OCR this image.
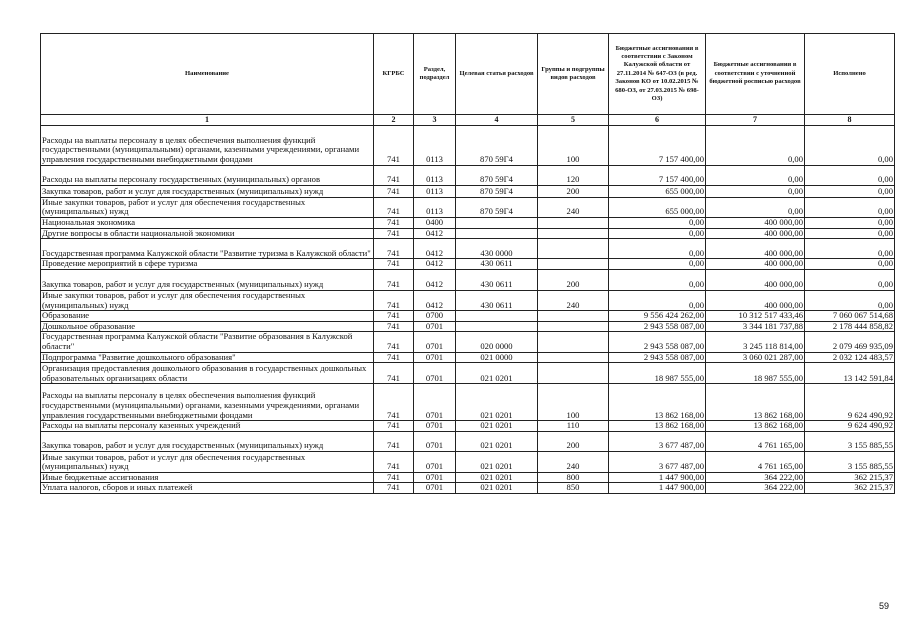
Наименование	КГРБС	Раздел, подраздел	Целевая статья расходов	Группы и подгруппы видов расходов	Бюджетные ассигнования в соответствии с Законом Калужской области от 27.11.2014 № 647-ОЗ (в ред. Законов КО от 10.02.2015 № 680-ОЗ, от 27.03.2015 № 698-ОЗ)	Бюджетные ассигнования в соответствии с уточненной бюджетной росписью расходов	Исполнено
1	2	3	4	5	6	7	8
Расходы на выплаты персоналу в целях обеспечения выполнения функций государственными (муниципальными) органами, казенными учреждениями, органами управления государственными внебюджетными фондами	741	0113	870 59Г4	100	7 157 400,00	0,00	0,00
Расходы на выплаты персоналу государственных (муниципальных) органов	741	0113	870 59Г4	120	7 157 400,00	0,00	0,00
Закупка товаров, работ и услуг для государственных (муниципальных) нужд	741	0113	870 59Г4	200	655 000,00	0,00	0,00
Иные закупки товаров, работ и услуг для обеспечения государственных (муниципальных) нужд	741	0113	870 59Г4	240	655 000,00	0,00	0,00
Национальная экономика	741	0400			0,00	400 000,00	0,00
Другие вопросы в области национальной экономики	741	0412			0,00	400 000,00	0,00
Государственная программа Калужской области "Развитие туризма в Калужской области"	741	0412	430 0000		0,00	400 000,00	0,00
Проведение мероприятий в сфере туризма	741	0412	430 0611		0,00	400 000,00	0,00
Закупка товаров, работ и услуг для государственных (муниципальных) нужд	741	0412	430 0611	200	0,00	400 000,00	0,00
Иные закупки товаров, работ и услуг для обеспечения государственных (муниципальных) нужд	741	0412	430 0611	240	0,00	400 000,00	0,00
Образование	741	0700			9 556 424 262,00	10 312 517 433,46	7 060 067 514,68
Дошкольное образование	741	0701			2 943 558 087,00	3 344 181 737,88	2 178 444 858,82
Государственная программа Калужской области "Развитие образования в Калужской области"	741	0701	020 0000		2 943 558 087,00	3 245 118 814,00	2 079 469 935,09
Подпрограмма "Развитие дошкольного образования"	741	0701	021 0000		2 943 558 087,00	3 060 021 287,00	2 032 124 483,57
Организация предоставления дошкольного образования в государственных дошкольных образовательных организациях области	741	0701	021 0201		18 987 555,00	18 987 555,00	13 142 591,84
Расходы на выплаты персоналу в целях обеспечения выполнения функций государственными (муниципальными) органами, казенными учреждениями, органами управления государственными внебюджетными фондами	741	0701	021 0201	100	13 862 168,00	13 862 168,00	9 624 490,92
Расходы на выплаты персоналу казенных учреждений	741	0701	021 0201	110	13 862 168,00	13 862 168,00	9 624 490,92
Закупка товаров, работ и услуг для государственных (муниципальных) нужд	741	0701	021 0201	200	3 677 487,00	4 761 165,00	3 155 885,55
Иные закупки товаров, работ и услуг для обеспечения государственных (муниципальных) нужд	741	0701	021 0201	240	3 677 487,00	4 761 165,00	3 155 885,55
Иные бюджетные ассигнования	741	0701	021 0201	800	1 447 900,00	364 222,00	362 215,37
Уплата налогов, сборов и иных платежей	741	0701	021 0201	850	1 447 900,00	364 222,00	362 215,37
59
